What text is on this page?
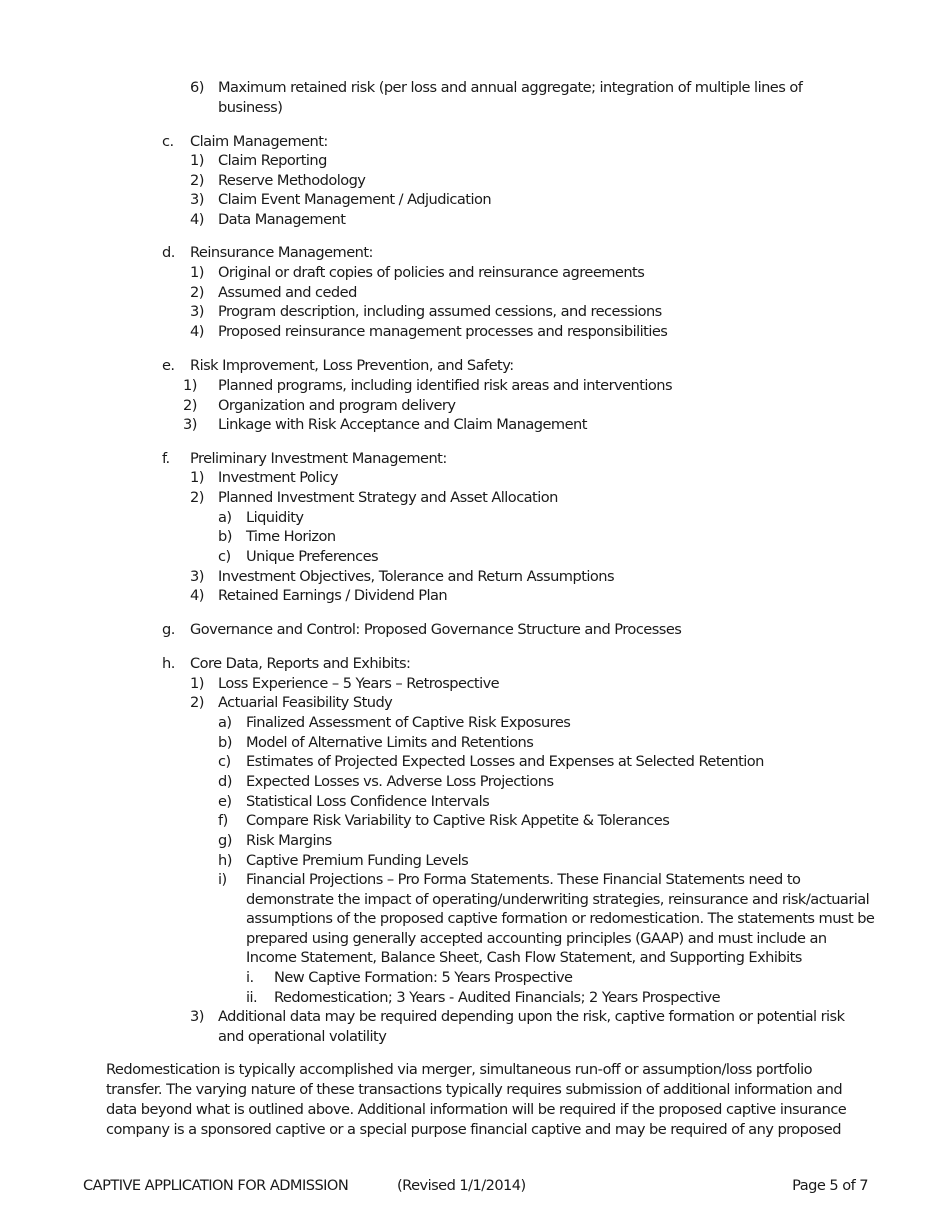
6) Maximum retained risk (per loss and annual aggregate; integration of multiple lines of
business)
c. Claim Management:
1) Claim Reporting
2) Reserve Methodology
3) Claim Event Management / Adjudication
4) Data Management
d. Reinsurance Management:
1) Original or draft copies of policies and reinsurance agreements
2) Assumed and ceded
3) Program description, including assumed cessions, and recessions
4) Proposed reinsurance management processes and responsibilities
e. Risk Improvement, Loss Prevention, and Safety:
1) Planned programs, including identified risk areas and interventions
2) Organization and program delivery
3) Linkage with Risk Acceptance and Claim Management
f. Preliminary Investment Management:
1) Investment Policy
2) Planned Investment Strategy and Asset Allocation
a) Liquidity
b) Time Horizon
c) Unique Preferences
3) Investment Objectives, Tolerance and Return Assumptions
4) Retained Earnings / Dividend Plan
g. Governance and Control: Proposed Governance Structure and Processes
h. Core Data, Reports and Exhibits:
1) Loss Experience – 5 Years – Retrospective
2) Actuarial Feasibility Study
a) Finalized Assessment of Captive Risk Exposures
b) Model of Alternative Limits and Retentions
c) Estimates of Projected Expected Losses and Expenses at Selected Retention
d) Expected Losses vs. Adverse Loss Projections
e) Statistical Loss Confidence Intervals
f) Compare Risk Variability to Captive Risk Appetite & Tolerances
g) Risk Margins
h) Captive Premium Funding Levels
i) Financial Projections – Pro Forma Statements. These Financial Statements need to
demonstrate the impact of operating/underwriting strategies, reinsurance and risk/actuarial
assumptions of the proposed captive formation or redomestication. The statements must be
prepared using generally accepted accounting principles (GAAP) and must include an
Income Statement, Balance Sheet, Cash Flow Statement, and Supporting Exhibits
i. New Captive Formation: 5 Years Prospective
ii. Redomestication; 3 Years - Audited Financials; 2 Years Prospective
3) Additional data may be required depending upon the risk, captive formation or potential risk
and operational volatility
Redomestication is typically accomplished via merger, simultaneous run-off or assumption/loss portfolio
transfer. The varying nature of these transactions typically requires submission of additional information and
data beyond what is outlined above. Additional information will be required if the proposed captive insurance
company is a sponsored captive or a special purpose financial captive and may be required of any proposed
CAPTIVE APPLICATION FOR ADMISSION	(Revised 1/1/2014)	Page 5 of 7
